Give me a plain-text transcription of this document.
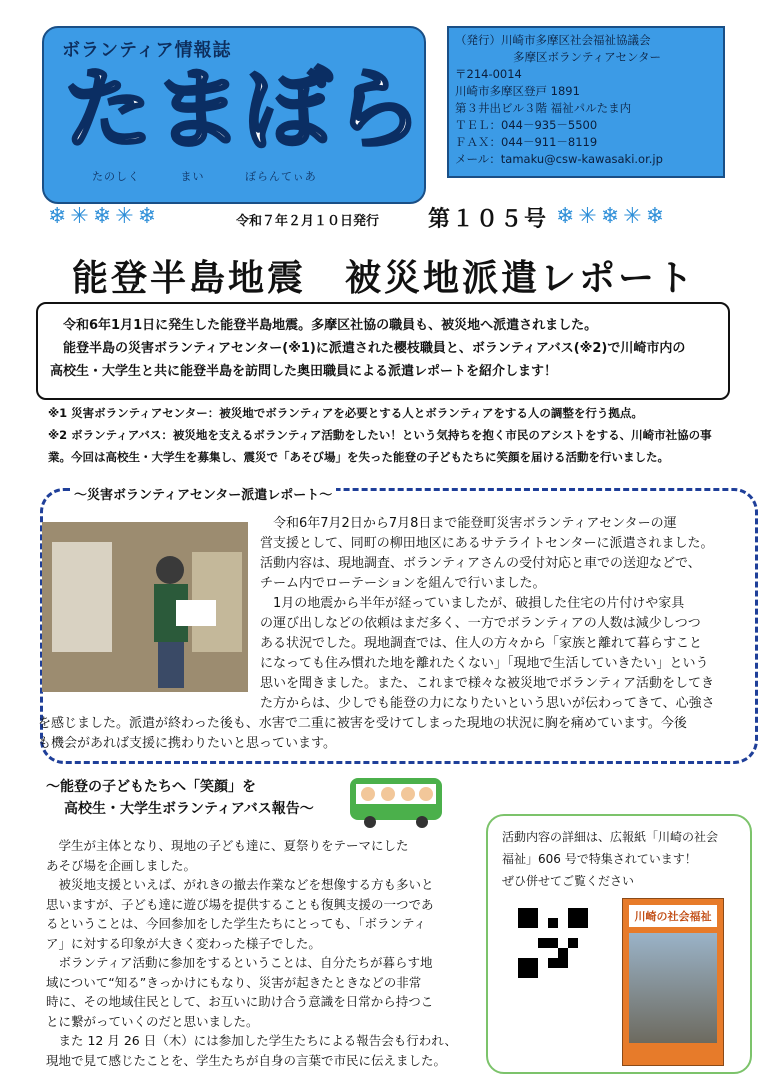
ボランティア情報誌
たまぼら
たのしく	まい	ぼらんてぃあ
（発行）川崎市多摩区社会福祉協議会
多摩区ボランティアセンター
〒214-0014
川崎市多摩区登戸 1891
第３井出ビル３階 福祉パルたま内
ＴＥＬ：044－935－5500
ＦＡＸ：044－911－8119
メール：tamaku@csw-kawasaki.or.jp
❄✳❄✳❄	令和７年２月１０日発行 第１０５号 ❄✳❄✳❄
能登半島地震　被災地派遣レポート

　令和6年1月1日に発生した能登半島地震。多摩区社協の職員も、被災地へ派遣されました。

　能登半島の災害ボランティアセンター(※1)に派遣された櫻枝職員と、ボランティアバス(※2)で川崎市内の

高校生・大学生と共に能登半島を訪問した奥田職員による派遣レポートを紹介します！

※1 災害ボランティアセンター：被災地でボランティアを必要とする人とボランティアをする人の調整を行う拠点。
※2 ボランティアバス：被災地を支えるボランティア活動をしたい！という気持ちを抱く市民のアシストをする、川崎市社協の事
業。今回は高校生・大学生を募集し、震災で「あそび場」を失った能登の子どもたちに笑顔を届ける活動を行いました。
～災害ボランティアセンター派遣レポート～

　令和6年7月2日から7月8日まで能登町災害ボランティアセンターの運

営支援として、同町の柳田地区にあるサテライトセンターに派遣されました。

活動内容は、現地調査、ボランティアさんの受付対応と車での送迎などで、

チーム内でローテーションを組んで行いました。

　1月の地震から半年が経っていましたが、破損した住宅の片付けや家具

の運び出しなどの依頼はまだ多く、一方でボランティアの人数は減少しつつ

ある状況でした。現地調査では、住人の方々から「家族と離れて暮らすこと

になっても住み慣れた地を離れたくない」「現地で生活していきたい」という

思いを聞きました。また、これまで様々な被災地でボランティア活動をしてき

た方からは、少しでも能登の力になりたいという思いが伝わってきて、心強さ

を感じました。派遣が終わった後も、水害で二重に被害を受けてしまった現地の状況に胸を痛めています。今後

も機会があれば支援に携わりたいと思っています。

～能登の子どもたちへ「笑顔」を
高校生・大学生ボランティアバス報告～

　学生が主体となり、現地の子ども達に、夏祭りをテーマにした

あそび場を企画しました。

　被災地支援といえば、がれきの撤去作業などを想像する方も多いと

思いますが、子ども達に遊び場を提供することも復興支援の一つであ

るということは、今回参加をした学生たちにとっても、「ボランティ

ア」に対する印象が大きく変わった様子でした。

　ボランティア活動に参加をするということは、自分たちが暮らす地

域について“知る”きっかけにもなり、災害が起きたときなどの非常

時に、その地域住民として、お互いに助け合う意識を日常から持つこ

とに繋がっていくのだと思いました。

　また 12 月 26 日（木）には参加した学生たちによる報告会も行われ、

現地で見て感じたことを、学生たちが自身の言葉で市民に伝えました。

活動内容の詳細は、広報紙「川崎の社会
福祉」606 号で特集されています！
ぜひ併せてご覧ください
川崎の社会福祉
